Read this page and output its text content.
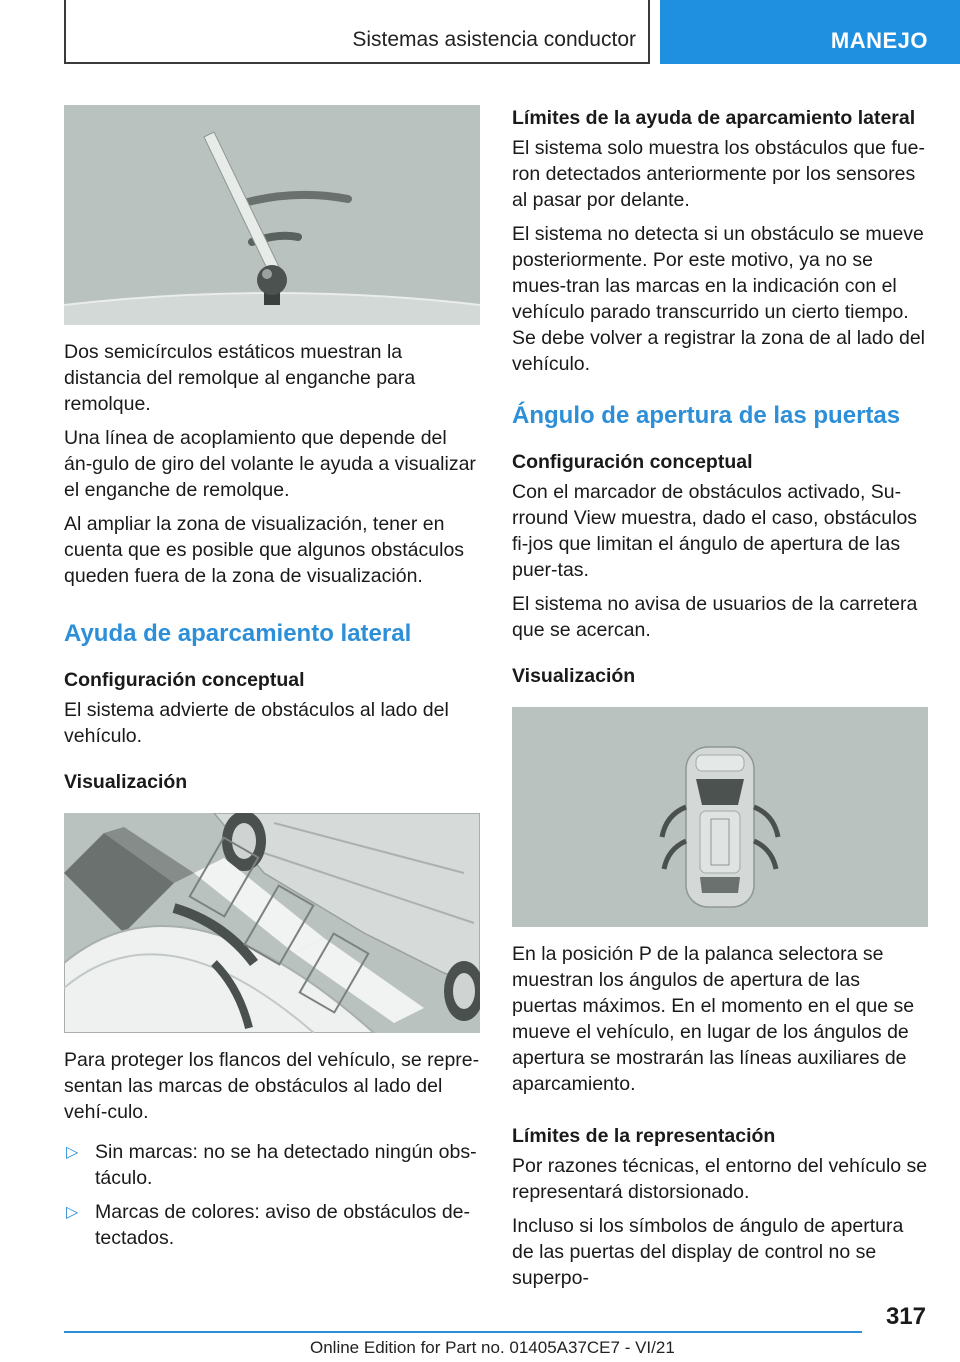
Sistemas asistencia conductor	MANEJO

Dos semicírculos estáticos muestran la distancia del remolque al enganche para remolque.

Una línea de acoplamiento que depende del án-gulo de giro del volante le ayuda a visualizar el enganche de remolque.

Al ampliar la zona de visualización, tener en cuenta que es posible que algunos obstáculos queden fuera de la zona de visualización.

Ayuda de aparcamiento lateral
Configuración conceptual

El sistema advierte de obstáculos al lado del vehículo.

Visualización

Para proteger los flancos del vehículo, se repre-sentan las marcas de obstáculos al lado del vehí-culo.

▷ Sin marcas: no se ha detectado ningún obs-táculo.
▷ Marcas de colores: aviso de obstáculos de-tectados.
Límites de la ayuda de aparcamiento lateral

El sistema solo muestra los obstáculos que fue-ron detectados anteriormente por los sensores al pasar por delante.

El sistema no detecta si un obstáculo se mueve posteriormente. Por este motivo, ya no se mues-tran las marcas en la indicación con el vehículo parado transcurrido un cierto tiempo. Se debe volver a registrar la zona de al lado del vehículo.

Ángulo de apertura de las puertas
Configuración conceptual

Con el marcador de obstáculos activado, Su-rround View muestra, dado el caso, obstáculos fi-jos que limitan el ángulo de apertura de las puer-tas.

El sistema no avisa de usuarios de la carretera que se acercan.

Visualización

En la posición P de la palanca selectora se muestran los ángulos de apertura de las puertas máximos. En el momento en el que se mueve el vehículo, en lugar de los ángulos de apertura se mostrarán las líneas auxiliares de aparcamiento.

Límites de la representación

Por razones técnicas, el entorno del vehículo se representará distorsionado.

Incluso si los símbolos de ángulo de apertura de las puertas del display de control no se superpo-

317
Online Edition for Part no. 01405A37CE7 - VI/21
